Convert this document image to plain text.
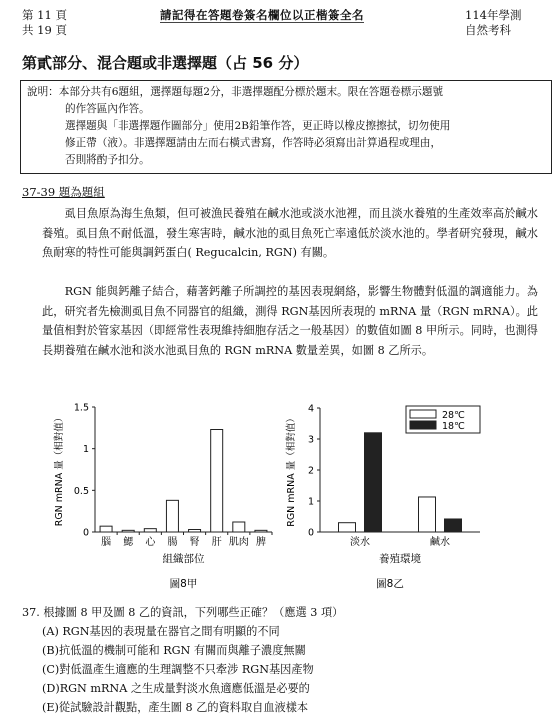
第 11 頁
共 19 頁
請記得在答題卷簽名欄位以正楷簽全名	114年學測
自然考科
第貳部分、混合題或非選擇題（占 56 分）
說明： 本部分共有6題組，選擇題每題2分，非選擇題配分標於題末。限在答題卷標示題號
的作答區內作答。
選擇題與「非選擇題作圖部分」使用2B鉛筆作答，更正時以橡皮擦擦拭，切勿使用
修正帶（液）。非選擇題請由左而右橫式書寫，作答時必須寫出計算過程或理由，
否則將酌予扣分。
37-39 題為題組
　　虱目魚原為海生魚類，但可被漁民養殖在鹹水池或淡水池裡，而且淡水養殖的生產效率高於鹹水養殖。虱目魚不耐低溫，發生寒害時，鹹水池的虱目魚死亡率遠低於淡水池的。學者研究發現，鹹水魚耐寒的特性可能與調鈣蛋白( Regucalcin, RGN) 有關。
　　RGN 能與鈣離子結合，藉著鈣離子所調控的基因表現網絡，影響生物體對低溫的調適能力。為此，研究者先檢測虱目魚不同器官的組織，測得 RGN基因所表現的 mRNA 量（RGN mRNA）。此量值相對於管家基因（即經常性表現維持細胞存活之一般基因）的數值如圖 8 甲所示。同時，也測得長期養殖在鹹水池和淡水池虱目魚的 RGN mRNA 數量差異，如圖 8 乙所示。
0
0.5
1
1.5
腦 鰓 心 腸 腎 肝 肌肉 脾
組織部位
RGN mRNA 量（相對值）
圖8甲
0
1
2
3
4
淡水	鹹水
養殖環境
RGN mRNA 量（相對值）	28℃
18℃
圖8乙
37. 根據圖 8 甲及圖 8 乙的資訊，下列哪些正確？（應選 3 項）
(A) RGN基因的表現量在器官之間有明顯的不同
(B)抗低溫的機制可能和 RGN 有關而與離子濃度無關
(C)對低溫產生適應的生理調整不只牽涉 RGN基因產物
(D)RGN mRNA 之生成量對淡水魚適應低溫是必要的
(E)從試驗設計觀點，產生圖 8 乙的資料取自血液樣本
